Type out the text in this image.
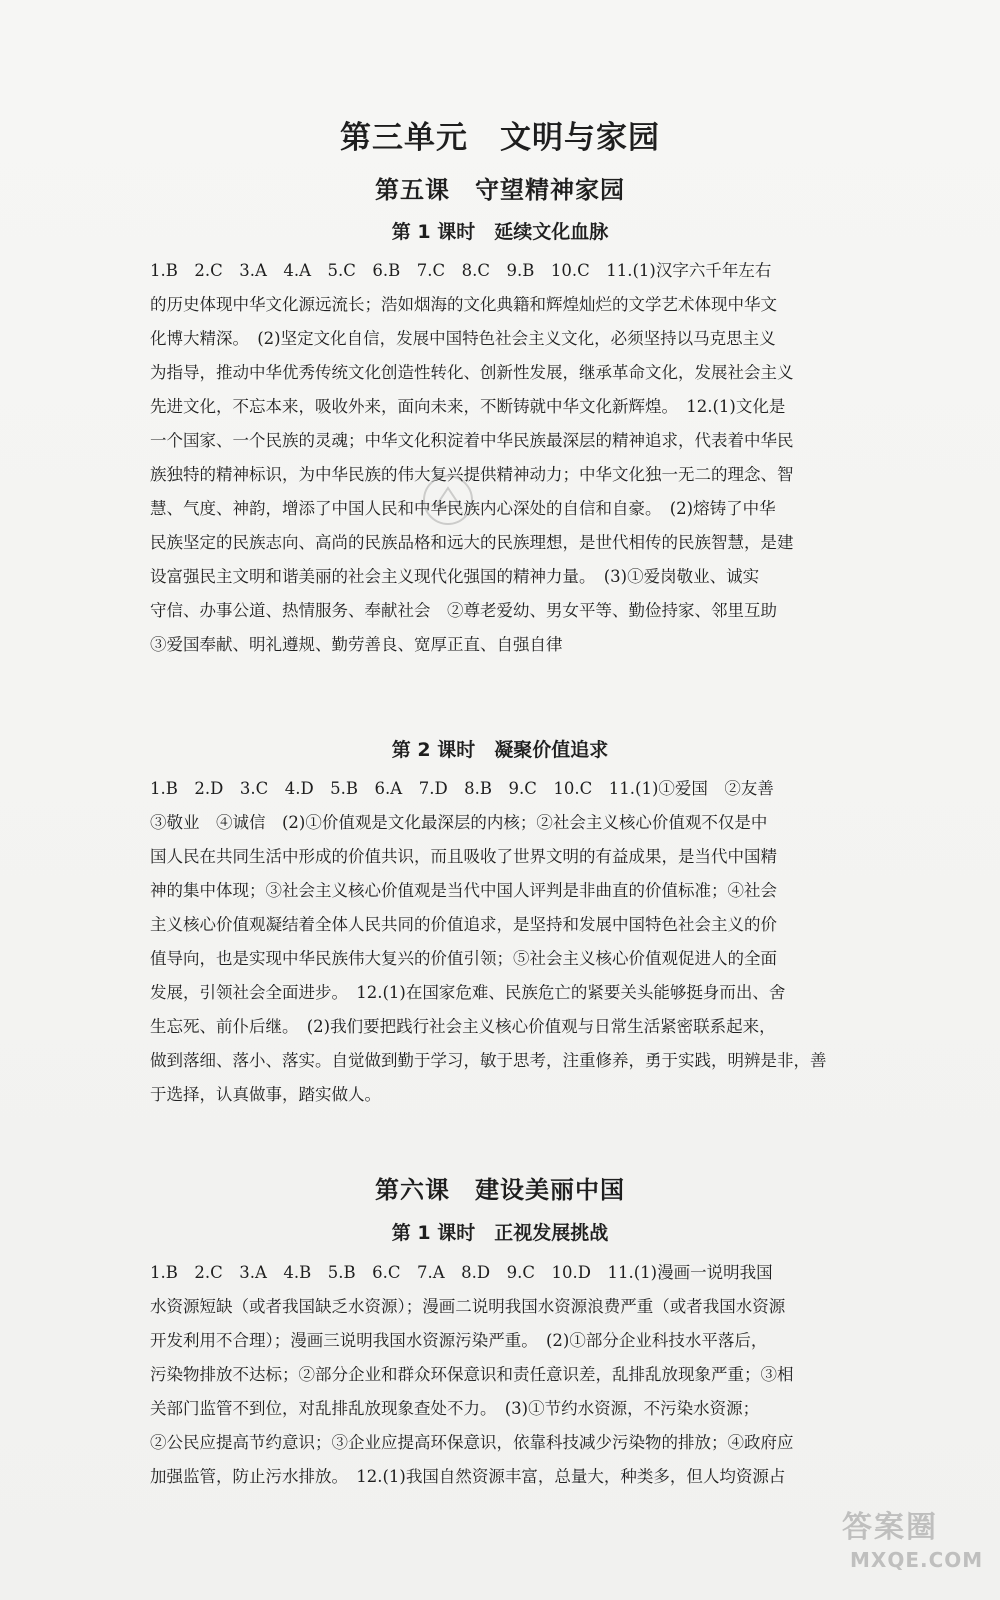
第三单元　文明与家园
第五课　守望精神家园
第 1 课时　延续文化血脉
1.B　2.C　3.A　4.A　5.C　6.B　7.C　8.C　9.B　10.C　11.(1)汉字六千年左右
的历史体现中华文化源远流长；浩如烟海的文化典籍和辉煌灿烂的文学艺术体现中华文
化博大精深。　(2)坚定文化自信，发展中国特色社会主义文化，必须坚持以马克思主义
为指导，推动中华优秀传统文化创造性转化、创新性发展，继承革命文化，发展社会主义
先进文化，不忘本来，吸收外来，面向未来，不断铸就中华文化新辉煌。　12.(1)文化是
一个国家、一个民族的灵魂；中华文化积淀着中华民族最深层的精神追求，代表着中华民
族独特的精神标识，为中华民族的伟大复兴提供精神动力；中华文化独一无二的理念、智
慧、气度、神韵，增添了中国人民和中华民族内心深处的自信和自豪。　(2)熔铸了中华
民族坚定的民族志向、高尚的民族品格和远大的民族理想，是世代相传的民族智慧，是建
设富强民主文明和谐美丽的社会主义现代化强国的精神力量。　(3)①爱岗敬业、诚实
守信、办事公道、热情服务、奉献社会　②尊老爱幼、男女平等、勤俭持家、邻里互助
③爱国奉献、明礼遵规、勤劳善良、宽厚正直、自强自律
第 2 课时　凝聚价值追求
1.B　2.D　3.C　4.D　5.B　6.A　7.D　8.B　9.C　10.C　11.(1)①爱国　②友善
③敬业　④诚信　(2)①价值观是文化最深层的内核；②社会主义核心价值观不仅是中
国人民在共同生活中形成的价值共识，而且吸收了世界文明的有益成果，是当代中国精
神的集中体现；③社会主义核心价值观是当代中国人评判是非曲直的价值标准；④社会
主义核心价值观凝结着全体人民共同的价值追求，是坚持和发展中国特色社会主义的价
值导向，也是实现中华民族伟大复兴的价值引领；⑤社会主义核心价值观促进人的全面
发展，引领社会全面进步。　12.(1)在国家危难、民族危亡的紧要关头能够挺身而出、舍
生忘死、前仆后继。　(2)我们要把践行社会主义核心价值观与日常生活紧密联系起来，
做到落细、落小、落实。自觉做到勤于学习，敏于思考，注重修养，勇于实践，明辨是非，善
于选择，认真做事，踏实做人。
第六课　建设美丽中国
第 1 课时　正视发展挑战
1.B　2.C　3.A　4.B　5.B　6.C　7.A　8.D　9.C　10.D　11.(1)漫画一说明我国
水资源短缺（或者我国缺乏水资源）；漫画二说明我国水资源浪费严重（或者我国水资源
开发利用不合理）；漫画三说明我国水资源污染严重。　(2)①部分企业科技水平落后，
污染物排放不达标；②部分企业和群众环保意识和责任意识差，乱排乱放现象严重；③相
关部门监管不到位，对乱排乱放现象查处不力。　(3)①节约水资源，不污染水资源；
②公民应提高节约意识；③企业应提高环保意识，依靠科技减少污染物的排放；④政府应
加强监管，防止污水排放。　12.(1)我国自然资源丰富，总量大，种类多，但人均资源占
答案圈
MXQE.COM
